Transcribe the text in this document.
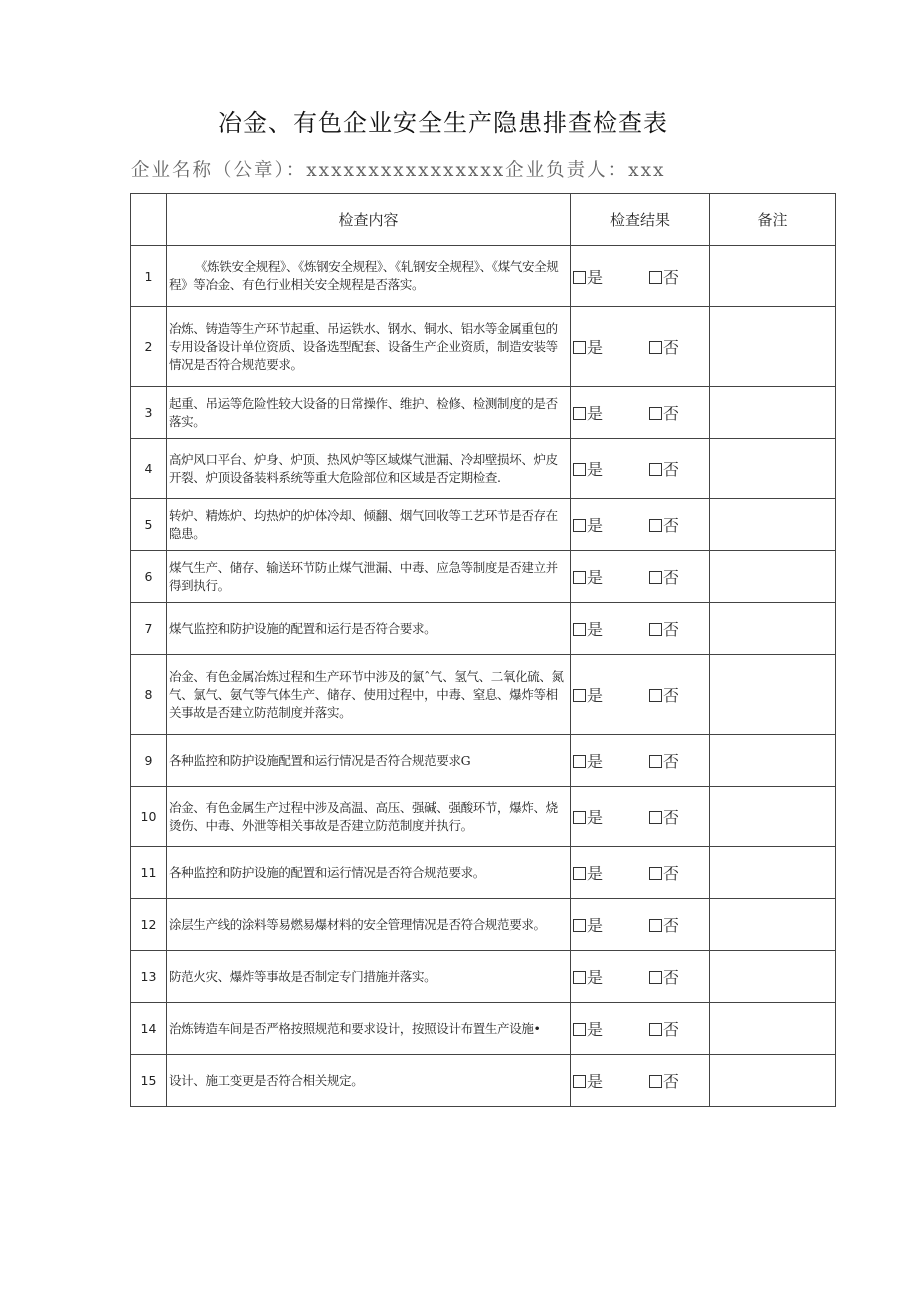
冶金、有色企业安全生产隐患排查检查表
企业名称（公章）：xxxxxxxxxxxxxxxx企业负责人：xxx
	检查内容	检查结果	备注
1	《炼铁安全规程》、《炼钢安全规程》、《轧钢安全规程》、《煤气安全规程》等冶金、有色行业相关安全规程是否落实。	是 否	
2	冶炼、铸造等生产环节起重、吊运铁水、钢水、铜水、铝水等金属重包的专用设备设计单位资质、设备选型配套、设备生产企业资质，制造安装等情况是否符合规范要求。	是 否	
3	起重、吊运等危险性较大设备的日常操作、维护、检修、检测制度的是否落实。	是 否	
4	高炉风口平台、炉身、炉顶、热风炉等区域煤气泄漏、冷却壁损坏、炉皮开裂、炉顶设备装料系统等重大危险部位和区域是否定期检查.	是 否	
5	转炉、精炼炉、均热炉的炉体冷却、倾翻、烟气回收等工艺环节是否存在隐患。	是 否	
6	煤气生产、储存、输送环节防止煤气泄漏、中毒、应急等制度是否建立并得到执行。	是 否	
7	煤气监控和防护设施的配置和运行是否符合要求。	是 否	
8	冶金、有色金属冶炼过程和生产环节中涉及的氯ˆ气、氢气、二氧化硫、氮气、氯气、氨气等气体生产、储存、使用过程中，中毒、窒息、爆炸等相关事故是否建立防范制度并落实。	是 否	
9	各种监控和防护设施配置和运行情况是否符合规范要求G	是 否	
10	冶金、有色金属生产过程中涉及高温、高压、强碱、强酸环节，爆炸、烧烫伤、中毒、外泄等相关事故是否建立防范制度并执行。	是 否	
11	各种监控和防护设施的配置和运行情况是否符合规范要求。	是 否	
12	涂层生产线的涂料等易燃易爆材料的安全管理情况是否符合规范要求。	是 否	
13	防范火灾、爆炸等事故是否制定专门措施并落实。	是 否	
14	治炼铸造车间是否严格按照规范和要求设计，按照设计布置生产设施•	是 否	
15	设计、施工变更是否符合相关规定。	是 否	
